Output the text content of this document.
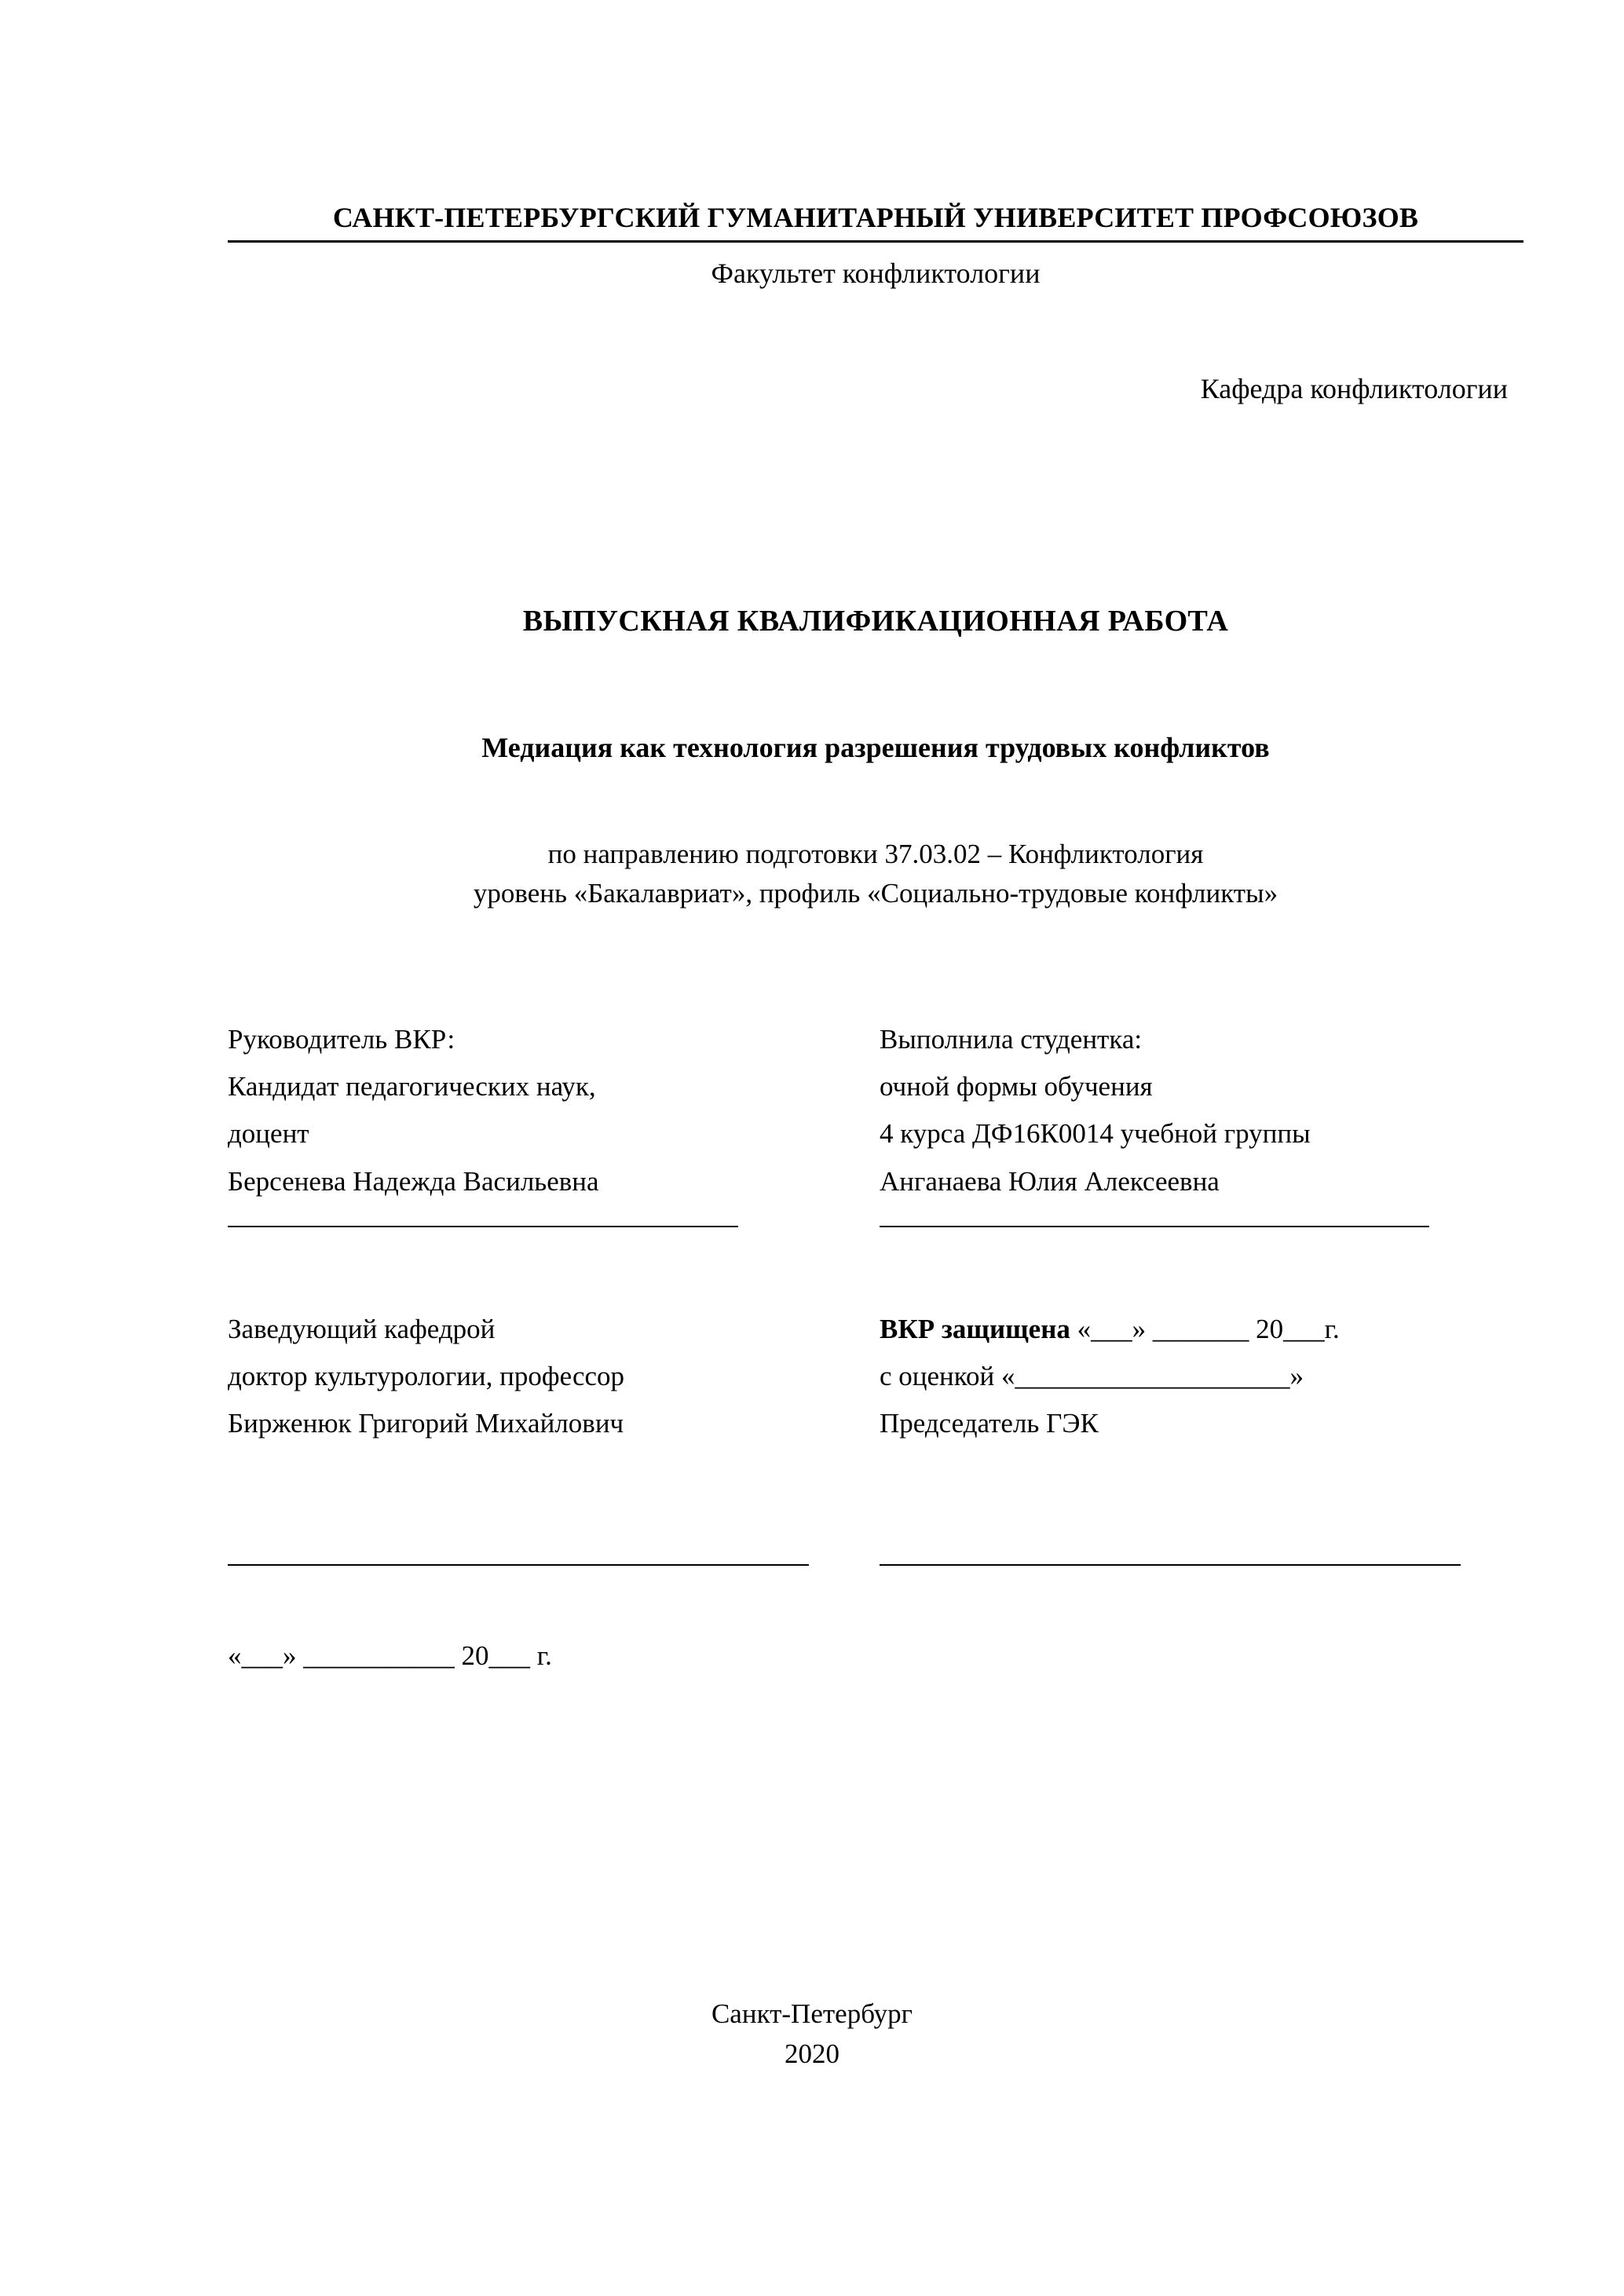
САНКТ-ПЕТЕРБУРГСКИЙ ГУМАНИТАРНЫЙ УНИВЕРСИТЕТ ПРОФСОЮЗОВ
Факультет конфликтологии
Кафедра конфликтологии
ВЫПУСКНАЯ КВАЛИФИКАЦИОННАЯ РАБОТА
Медиация как технология разрешения трудовых конфликтов
по направлению подготовки 37.03.02 – Конфликтология
уровень «Бакалавриат», профиль «Социально-трудовые конфликты»
Руководитель ВКР:
Кандидат педагогических наук,
доцент
Берсенева Надежда Васильевна
Выполнила студентка:
очной формы обучения
4 курса ДФ16К0014 учебной группы
Анганаева Юлия Алексеевна
Заведующий кафедрой
доктор культурологии, профессор
Бирженюк Григорий Михайлович
ВКР защищена «___» _______ 20___г.
с оценкой «____________________»
Председатель ГЭК
«___» ___________ 20___ г.
Санкт-Петербург
2020
